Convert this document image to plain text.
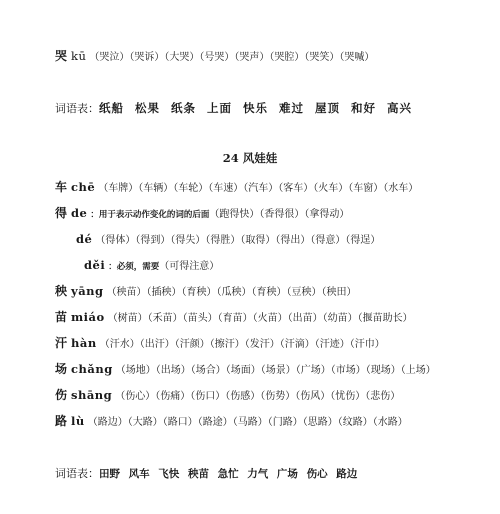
哭 kū （哭泣）（哭诉）（大哭）（号哭）（哭声）（哭腔）（哭笑）（哭喊）
词语表：纸船 松果 纸条 上面 快乐 难过 屋顶 和好 高兴
24 风娃娃
车 chē （车牌）（车辆）（车轮）（车速）（汽车）（客车）（火车）（车窗）（水车）
得 de ：用于表示动作变化的词的后面（跑得快）（香得很）（拿得动）
dé （得体）（得到）（得失）（得胜）（取得）（得出）（得意）（得逞）
děi ：必须，需要（可得注意）
秧 yāng （秧苗）（插秧）（育秧）（瓜秧）（育秧）（豆秧）（秧田）
苗 miáo （树苗）（禾苗）（苗头）（育苗）（火苗）（出苗）（幼苗）（揠苗助长）
汗 hàn （汗水）（出汗）（汗颜）（擦汗）（发汗）（汗滴）（汗迹）（汗巾）
场 chǎng （场地）（出场）（场合）（场面）（场景）（广场）（市场）（现场）（上场）
伤 shāng （伤心）（伤痛）（伤口）（伤感）（伤势）（伤风）（忧伤）（悲伤）
路 lù （路边）（大路）（路口）（路途）（马路）（门路）（思路）（纹路）（水路）
词语表：田野 风车 飞快 秧苗 急忙 力气 广场 伤心 路边
